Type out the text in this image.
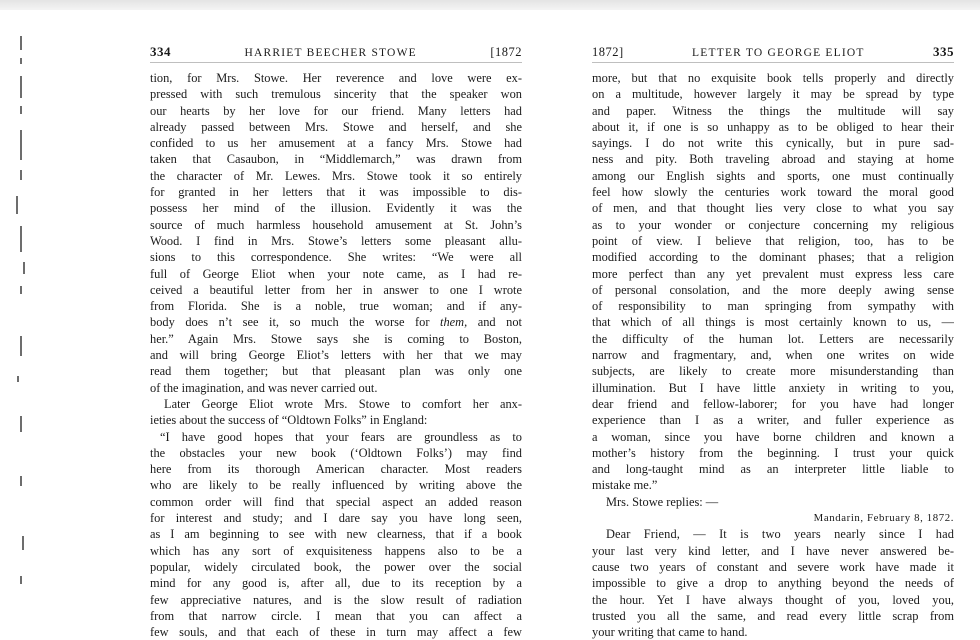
334	HARRIET BEECHER STOWE	[1872
tion, for Mrs. Stowe. Her reverence and love were ex-
pressed with such tremulous sincerity that the speaker won
our hearts by her love for our friend. Many letters had
already passed between Mrs. Stowe and herself, and she
confided to us her amusement at a fancy Mrs. Stowe had
taken that Casaubon, in “Middlemarch,” was drawn from
the character of Mr. Lewes. Mrs. Stowe took it so entirely
for granted in her letters that it was impossible to dis-
possess her mind of the illusion. Evidently it was the
source of much harmless household amusement at St. John’s
Wood. I find in Mrs. Stowe’s letters some pleasant allu-
sions to this correspondence. She writes: “We were all
full of George Eliot when your note came, as I had re-
ceived a beautiful letter from her in answer to one I wrote
from Florida. She is a noble, true woman; and if any-
body does n’t see it, so much the worse for them, and not
her.” Again Mrs. Stowe says she is coming to Boston,
and will bring George Eliot’s letters with her that we may
read them together; but that pleasant plan was only one
of the imagination, and was never carried out.
Later George Eliot wrote Mrs. Stowe to comfort her anx-
ieties about the success of “Oldtown Folks” in England:
“I have good hopes that your fears are groundless as to
the obstacles your new book (‘Oldtown Folks’) may find
here from its thorough American character. Most readers
who are likely to be really influenced by writing above the
common order will find that special aspect an added reason
for interest and study; and I dare say you have long seen,
as I am beginning to see with new clearness, that if a book
which has any sort of exquisiteness happens also to be a
popular, widely circulated book, the power over the social
mind for any good is, after all, due to its reception by a
few appreciative natures, and is the slow result of radiation
from that narrow circle. I mean that you can affect a
few souls, and that each of these in turn may affect a few
1872]	LETTER TO GEORGE ELIOT	335
more, but that no exquisite book tells properly and directly
on a multitude, however largely it may be spread by type
and paper. Witness the things the multitude will say
about it, if one is so unhappy as to be obliged to hear their
sayings. I do not write this cynically, but in pure sad-
ness and pity. Both traveling abroad and staying at home
among our English sights and sports, one must continually
feel how slowly the centuries work toward the moral good
of men, and that thought lies very close to what you say
as to your wonder or conjecture concerning my religious
point of view. I believe that religion, too, has to be
modified according to the dominant phases; that a religion
more perfect than any yet prevalent must express less care
of personal consolation, and the more deeply awing sense
of responsibility to man springing from sympathy with
that which of all things is most certainly known to us, —
the difficulty of the human lot. Letters are necessarily
narrow and fragmentary, and, when one writes on wide
subjects, are likely to create more misunderstanding than
illumination. But I have little anxiety in writing to you,
dear friend and fellow-laborer; for you have had longer
experience than I as a writer, and fuller experience as
a woman, since you have borne children and known a
mother’s history from the beginning. I trust your quick
and long-taught mind as an interpreter little liable to
mistake me.”
Mrs. Stowe replies: —
Mandarin, February 8, 1872.
Dear Friend, — It is two years nearly since I had
your last very kind letter, and I have never answered be-
cause two years of constant and severe work have made it
impossible to give a drop to anything beyond the needs of
the hour. Yet I have always thought of you, loved you,
trusted you all the same, and read every little scrap from
your writing that came to hand.
